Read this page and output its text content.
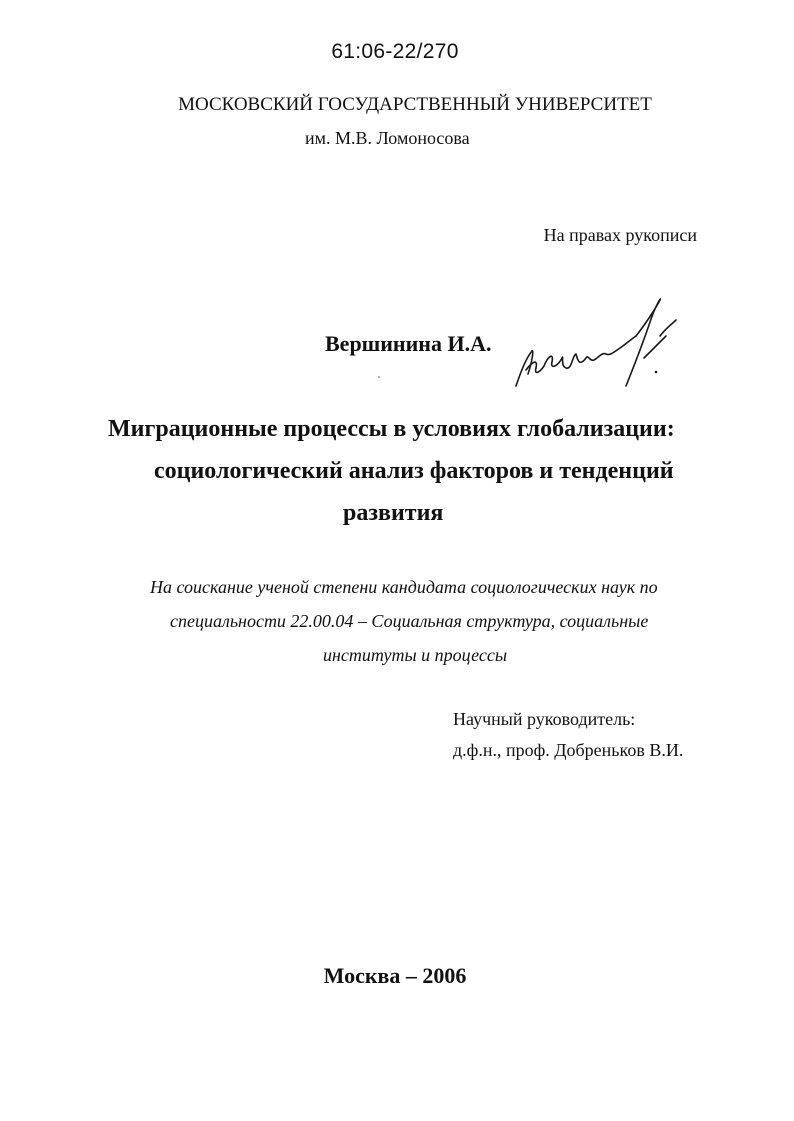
61:06-22/270
МОСКОВСКИЙ ГОСУДАРСТВЕННЫЙ УНИВЕРСИТЕТ
им. М.В. Ломоносова
На правах рукописи
Вершинина И.А.
Миграционные процессы в условиях глобализации:
социологический анализ факторов и тенденций
развития
На соискание ученой степени кандидата социологических наук по
специальности 22.00.04 – Социальная структура, социальные
институты и процессы
Научный руководитель:
д.ф.н., проф. Добреньков В.И.
Москва – 2006
